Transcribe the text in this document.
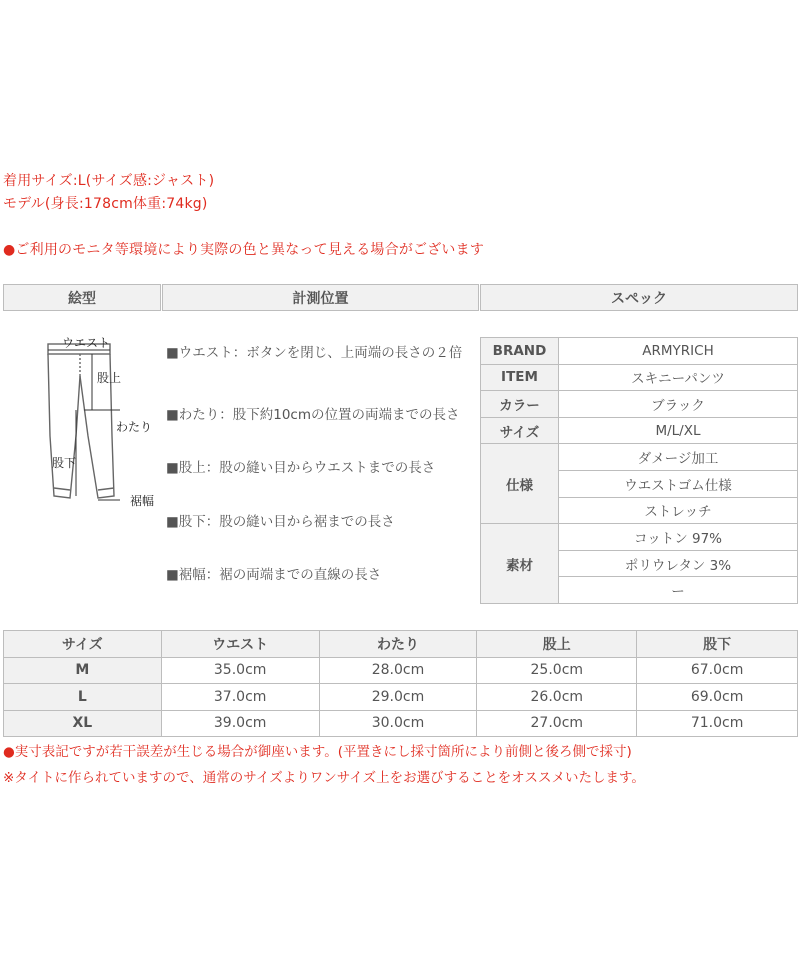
着用サイズ:L(サイズ感:ジャスト)
モデル(身長:178cm体重:74kg)
●ご利用のモニタ等環境により実際の色と異なって見える場合がございます
絵型	計測位置	スペック
ウエスト
股上
わたり
股下
裾幅
■ウエスト：ボタンを閉じ、上両端の長さの２倍
■わたり：股下約10cmの位置の両端までの長さ
■股上：股の縫い目からウエストまでの長さ
■股下：股の縫い目から裾までの長さ
■裾幅：裾の両端までの直線の長さ
BRAND	ARMYRICH
ITEM	スキニーパンツ
カラー	ブラック
サイズ	M/L/XL
仕様	ダメージ加工
	ウエストゴム仕様
	ストレッチ
素材	コットン 97%
	ポリウレタン 3%
	ー
サイズ	ウエスト	わたり	股上	股下
M	35.0cm	28.0cm	25.0cm	67.0cm
L	37.0cm	29.0cm	26.0cm	69.0cm
XL	39.0cm	30.0cm	27.0cm	71.0cm
●実寸表記ですが若干誤差が生じる場合が御座います。(平置きにし採寸箇所により前側と後ろ側で採寸)
※タイトに作られていますので、通常のサイズよりワンサイズ上をお選びすることをオススメいたします。
